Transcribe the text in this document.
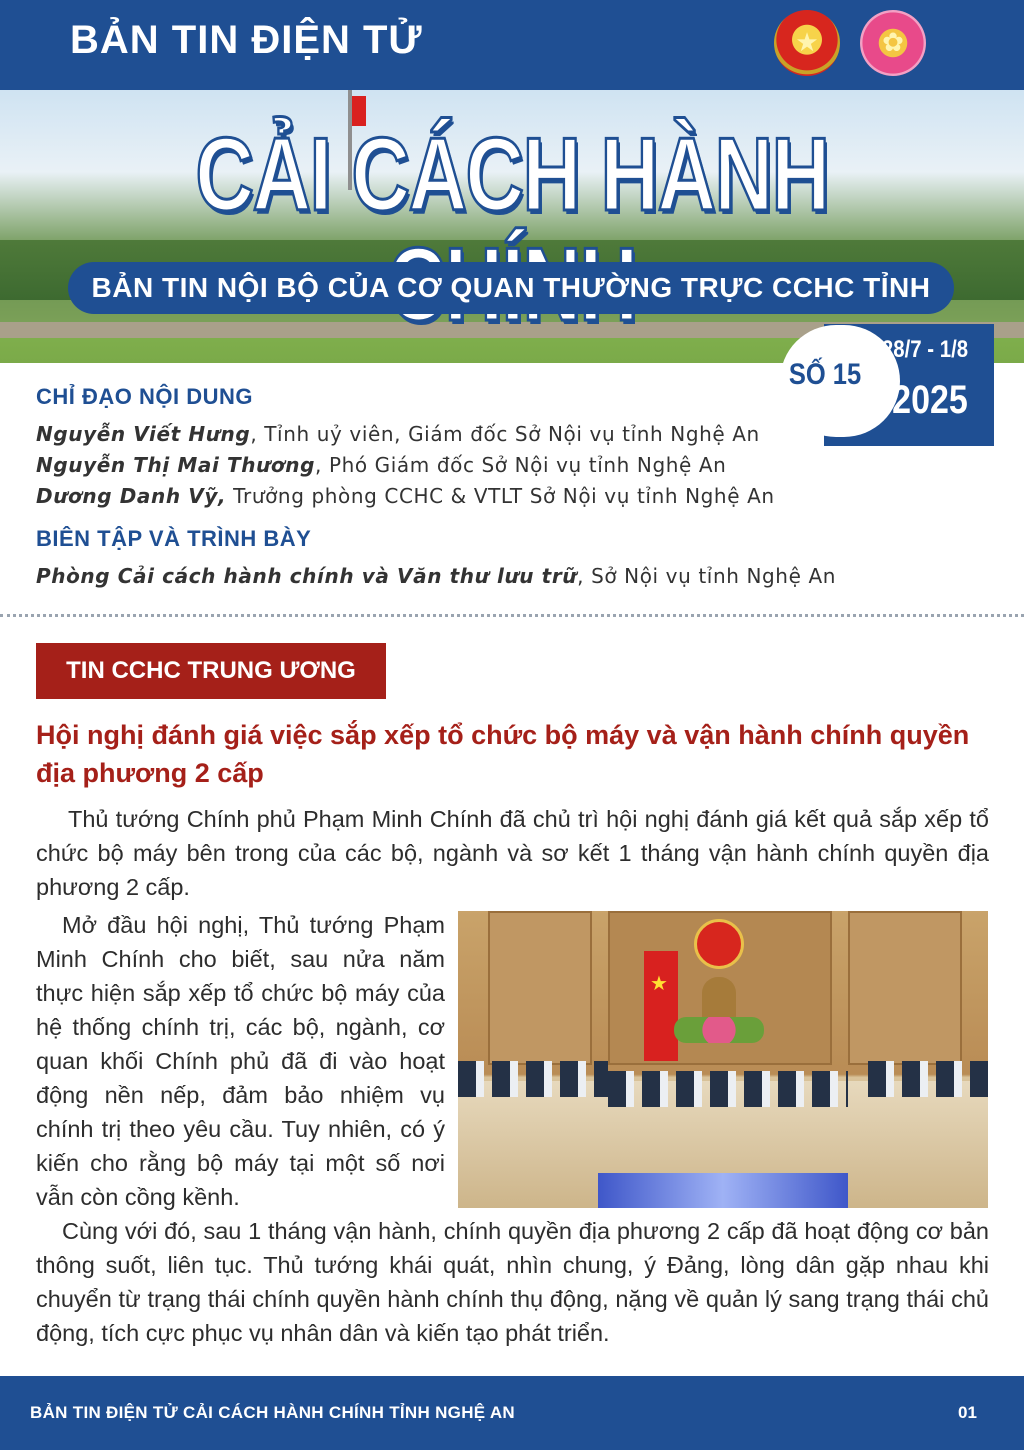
BẢN TIN ĐIỆN TỬ	★	✿
CẢI CÁCH HÀNH
BẢN TIN NỘI BỘ CỦA CƠ QUAN THƯỜNG TRỰC CCHC TỈNH
SỐ 15
28/7 - 1/8
2025
CHỈ ĐẠO NỘI DUNG
Nguyễn Viết Hưng, Tỉnh uỷ viên, Giám đốc Sở Nội vụ tỉnh Nghệ An
Nguyễn Thị Mai Thương, Phó Giám đốc Sở Nội vụ tỉnh Nghệ An
Dương Danh Vỹ, Trưởng phòng CCHC & VTLT Sở Nội vụ tỉnh Nghệ An
BIÊN TẬP VÀ TRÌNH BÀY
Phòng Cải cách hành chính và Văn thư lưu trữ, Sở Nội vụ tỉnh Nghệ An
TIN CCHC TRUNG ƯƠNG
Hội nghị đánh giá việc sắp xếp tổ chức bộ máy và vận hành chính quyền địa phương 2 cấp
Thủ tướng Chính phủ Phạm Minh Chính đã chủ trì hội nghị đánh giá kết quả sắp xếp tổ chức bộ máy bên trong của các bộ, ngành và sơ kết 1 tháng vận hành chính quyền địa phương 2 cấp.
Mở đầu hội nghị, Thủ tướng Phạm Minh Chính cho biết, sau nửa năm thực hiện sắp xếp tổ chức bộ máy của hệ thống chính trị, các bộ, ngành, cơ quan khối Chính phủ đã đi vào hoạt động nền nếp, đảm bảo nhiệm vụ chính trị theo yêu cầu. Tuy nhiên, có ý kiến cho rằng bộ máy tại một số nơi vẫn còn cồng kềnh.
★
Cùng với đó, sau 1 tháng vận hành, chính quyền địa phương 2 cấp đã hoạt động cơ bản thông suốt, liên tục. Thủ tướng khái quát, nhìn chung, ý Đảng, lòng dân gặp nhau khi chuyển từ trạng thái chính quyền hành chính thụ động, nặng về quản lý sang trạng thái chủ động, tích cực phục vụ nhân dân và kiến tạo phát triển.
BẢN TIN ĐIỆN TỬ CẢI CÁCH HÀNH CHÍNH TỈNH NGHỆ AN	01
